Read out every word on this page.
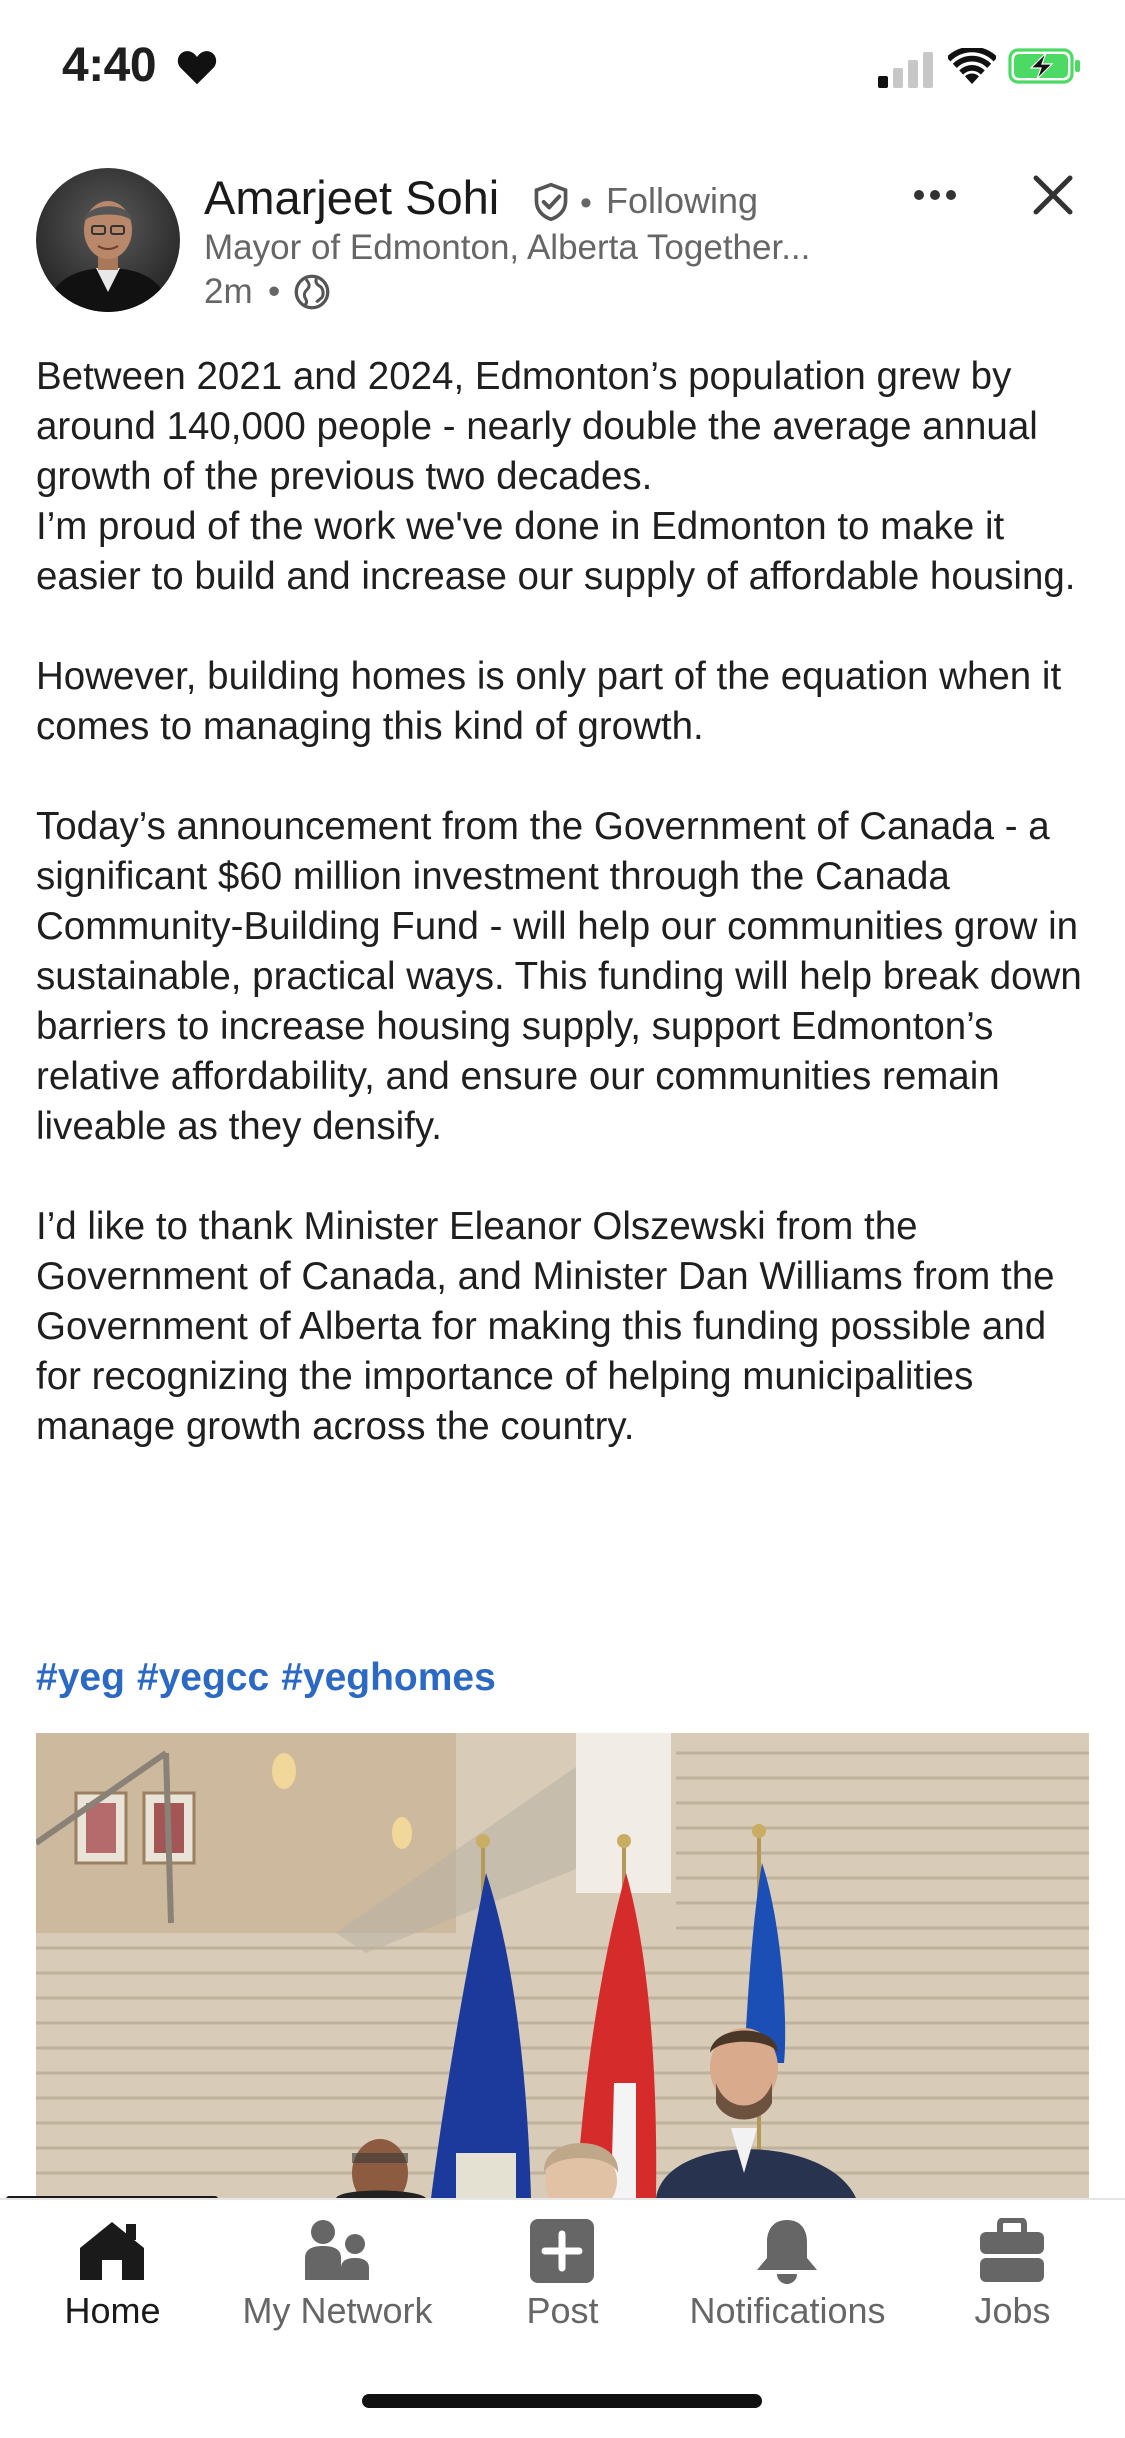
4:40
Amarjeet Sohi • Following
Mayor of Edmonton, Alberta Together...
2m •

Between 2021 and 2024, Edmonton’s population grew by around 140,000 people - nearly double the average annual growth of the previous two decades.
I’m proud of the work we've done in Edmonton to make it easier to build and increase our supply of affordable housing.

However, building homes is only part of the equation when it comes to managing this kind of growth.

Today’s announcement from the Government of Canada - a significant $60 million investment through the Canada Community-Building Fund - will help our communities grow in sustainable, practical ways. This funding will help break down barriers to increase housing supply, support Edmonton’s relative affordability, and ensure our communities remain liveable as they densify.

I’d like to thank Minister Eleanor Olszewski from the Government of Canada, and Minister Dan Williams from the Government of Alberta for making this funding possible and for recognizing the importance of helping municipalities manage growth across the country.

#yeg #yegcc #yeghomes
Home	My Network	Post	Notifications	Jobs
